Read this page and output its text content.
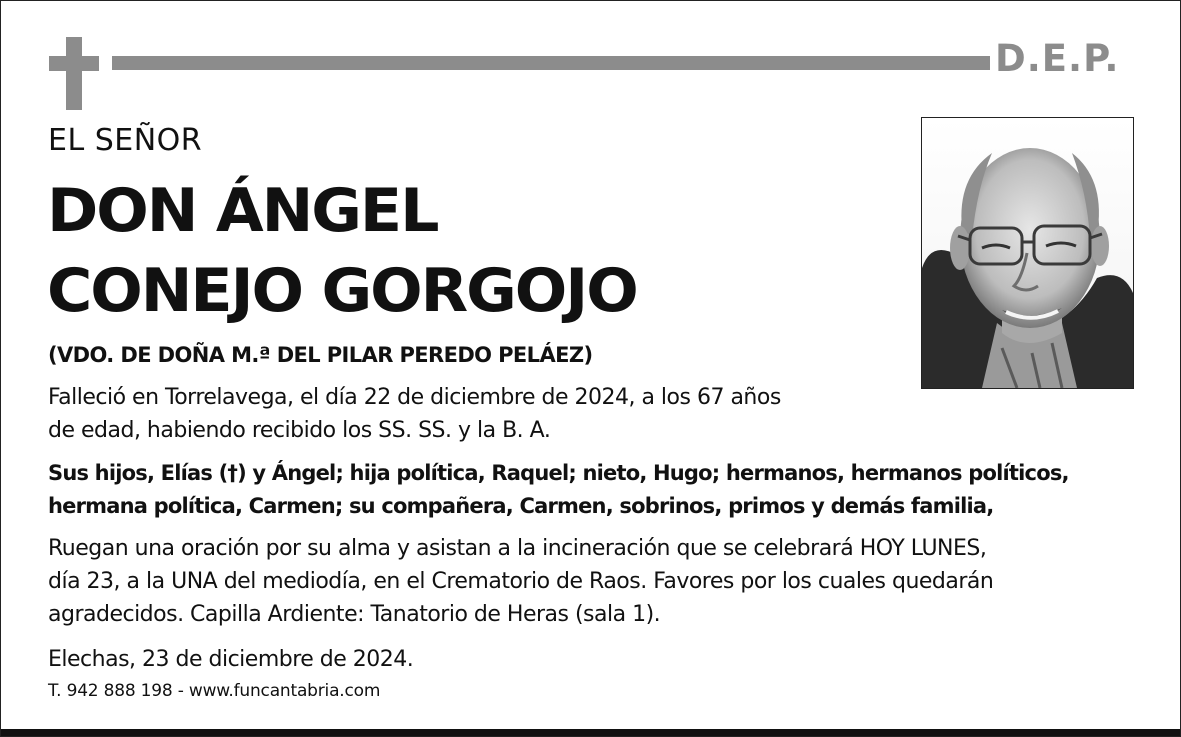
D.E.P.
EL SEÑOR
DON ÁNGEL
CONEJO GORGOJO
(VDO. DE DOÑA M.ª DEL PILAR PEREDO PELÁEZ)
Falleció en Torrelavega, el día 22 de diciembre de 2024, a los 67 años
de edad, habiendo recibido los SS. SS. y la B. A.
Sus hijos, Elías (†) y Ángel; hija política, Raquel; nieto, Hugo; hermanos, hermanos políticos,
hermana política, Carmen; su compañera, Carmen, sobrinos, primos y demás familia,
Ruegan una oración por su alma y asistan a la incineración que se celebrará HOY LUNES,
día 23, a la UNA del mediodía, en el Crematorio de Raos. Favores por los cuales quedarán
agradecidos. Capilla Ardiente: Tanatorio de Heras (sala 1).
Elechas, 23 de diciembre de 2024.
T. 942 888 198 - www.funcantabria.com
